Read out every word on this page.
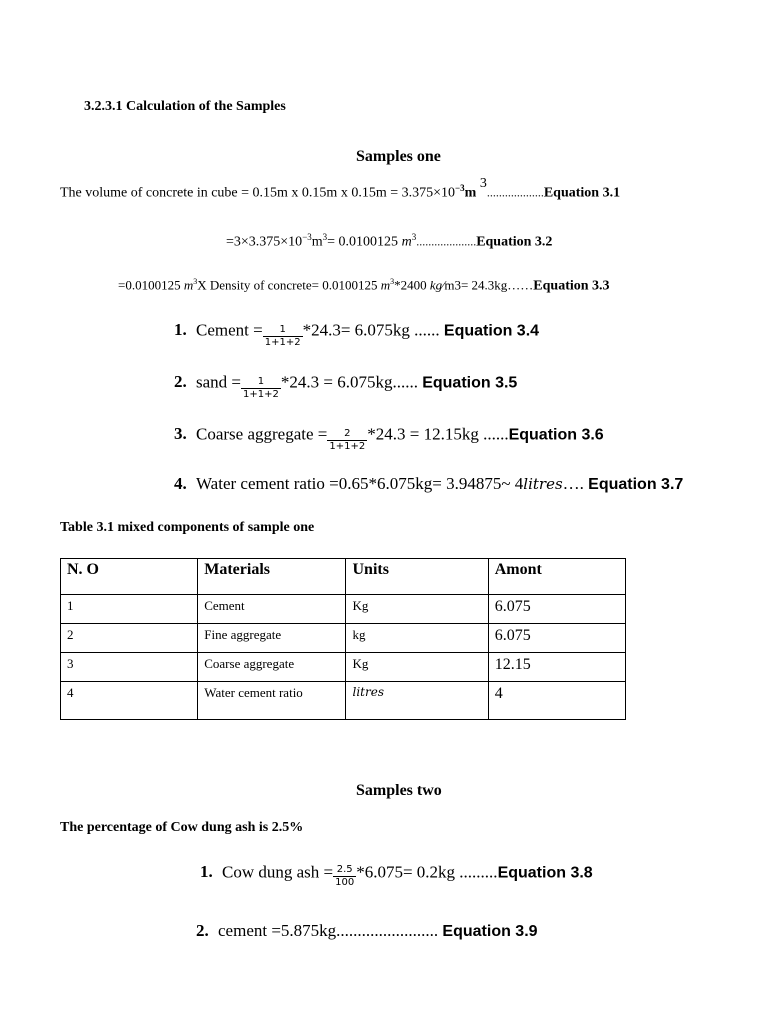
3.2.3.1 Calculation of the Samples
Samples one
The volume of concrete in cube = 0.15m x 0.15m x $0.15m = 3.375\times 10^{-3}m$ 3...................Equation 3.1
$=3\times 3.375\times 10^{-3}m^3= 0.0100125$ $m^3....................Equation$ 3.2
=0.0100125 $m^3X$ Density of concrete= 0.0100125 $m^3*2400$ kg⁄m3= 24.3kg……Equation 3.3
1. Cement = $\frac{1}{1+1+2} *24.3= 6.075kg$ ...... Equation 3.4
2. sand = $\frac{1}{1+1+2} *24.3 = 6.075kg$...... Equation 3.5
3. Coarse aggregate = $\frac{2}{1+1+2} *24.3 = 12.15kg$ ......Equation 3.6
4. Water cement ratio =0.65*6.075kg= 3.94875~ 4litres…. Equation 3.7
Table 3.1 mixed components of sample one
N. O	Materials	Units	Amont
1	Cement	Kg	6.075
2	Fine aggregate	kg	6.075
3	Coarse aggregate	Kg	12.15
4	Water cement ratio	litres	4
Samples two
The percentage of Cow dung ash is 2.5%
1. Cow dung ash = $\frac{2.5}{100} *6.075= 0.2kg$ .........Equation 3.8
2. cement =5.875kg........................ Equation 3.9
